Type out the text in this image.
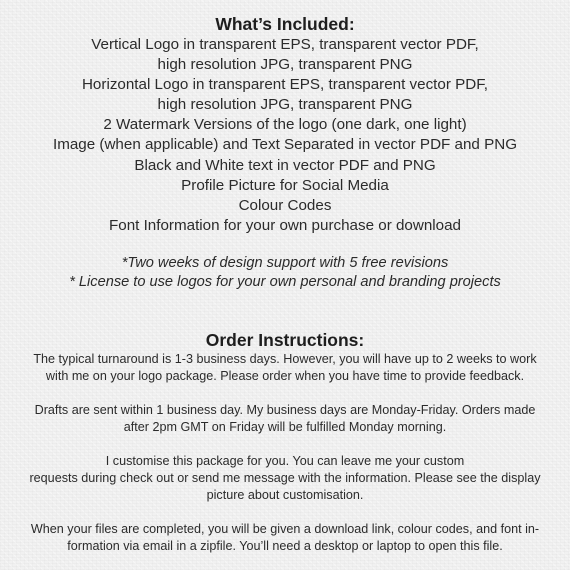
What’s Included:
Vertical Logo in transparent EPS, transparent vector PDF,
high resolution JPG, transparent PNG
Horizontal Logo in transparent EPS, transparent vector PDF,
high resolution JPG, transparent PNG
2 Watermark Versions of the logo (one dark, one light)
Image (when applicable) and Text Separated in vector PDF and PNG
Black and White text in vector PDF and PNG
Profile Picture for Social Media
Colour Codes
Font Information for your own purchase or download
*Two weeks of design support with 5 free revisions
* License to use logos for your own personal and branding projects
Order Instructions:

The typical turnaround is 1-3 business days. However, you will have up to 2 weeks to work
with me on your logo package. Please order when you have time to provide feedback.

Drafts are sent within 1 business day. My business days are Monday-Friday. Orders made
after 2pm GMT on Friday will be fulfilled Monday morning.

I customise this package for you. You can leave me your custom
requests during check out or send me message with the information. Please see the display
picture about customisation.

When your files are completed, you will be given a download link, colour codes, and font in-
formation via email in a zipfile. You’ll need a desktop or laptop to open this file.
